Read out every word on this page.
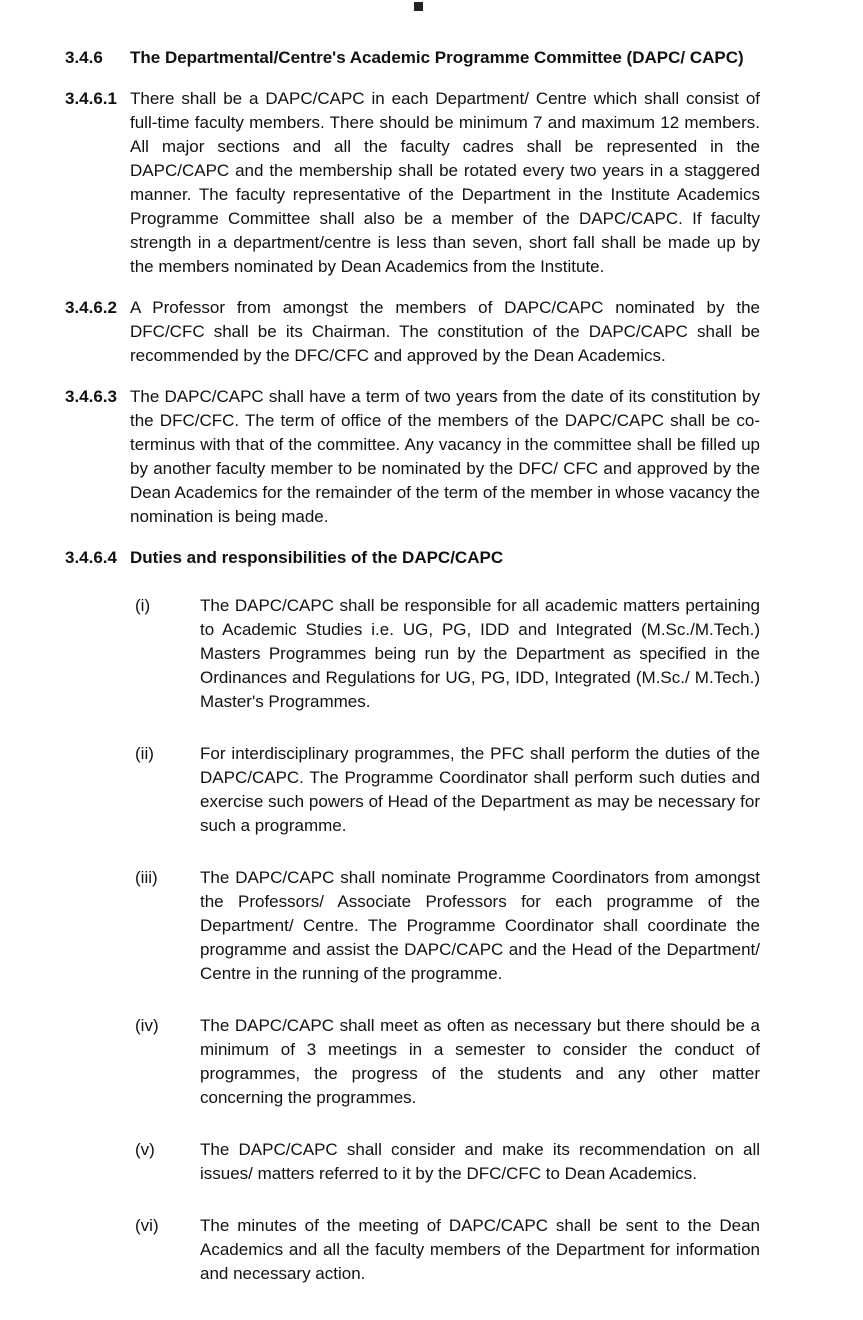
3.4.6	The Departmental/Centre's Academic Programme Committee (DAPC/ CAPC)
3.4.6.1 There shall be a DAPC/CAPC in each Department/ Centre which shall consist of full-time faculty members. There should be minimum 7 and maximum 12 members. All major sections and all the faculty cadres shall be represented in the DAPC/CAPC and the membership shall be rotated every two years in a staggered manner. The faculty representative of the Department in the Institute Academics Programme Committee shall also be a member of the DAPC/CAPC. If faculty strength in a department/centre is less than seven, short fall shall be made up by the members nominated by Dean Academics from the Institute.
3.4.6.2 A Professor from amongst the members of DAPC/CAPC nominated by the DFC/CFC shall be its Chairman. The constitution of the DAPC/CAPC shall be recommended by the DFC/CFC and approved by the Dean Academics.
3.4.6.3 The DAPC/CAPC shall have a term of two years from the date of its constitution by the DFC/CFC. The term of office of the members of the DAPC/CAPC shall be co-terminus with that of the committee. Any vacancy in the committee shall be filled up by another faculty member to be nominated by the DFC/ CFC and approved by the Dean Academics for the remainder of the term of the member in whose vacancy the nomination is being made.
3.4.6.4 Duties and responsibilities of the DAPC/CAPC
(i)	The DAPC/CAPC shall be responsible for all academic matters pertaining to Academic Studies i.e. UG, PG, IDD and Integrated (M.Sc./M.Tech.) Masters Programmes being run by the Department as specified in the Ordinances and Regulations for UG, PG, IDD, Integrated (M.Sc./ M.Tech.) Master's Programmes.
(ii)	For interdisciplinary programmes, the PFC shall perform the duties of the DAPC/CAPC. The Programme Coordinator shall perform such duties and exercise such powers of Head of the Department as may be necessary for such a programme.
(iii)	The DAPC/CAPC shall nominate Programme Coordinators from amongst the Professors/ Associate Professors for each programme of the Department/ Centre. The Programme Coordinator shall coordinate the programme and assist the DAPC/CAPC and the Head of the Department/ Centre in the running of the programme.
(iv)	The DAPC/CAPC shall meet as often as necessary but there should be a minimum of 3 meetings in a semester to consider the conduct of programmes, the progress of the students and any other matter concerning the programmes.
(v)	The DAPC/CAPC shall consider and make its recommendation on all issues/ matters referred to it by the DFC/CFC to Dean Academics.
(vi)	The minutes of the meeting of DAPC/CAPC shall be sent to the Dean Academics and all the faculty members of the Department for information and necessary action.
